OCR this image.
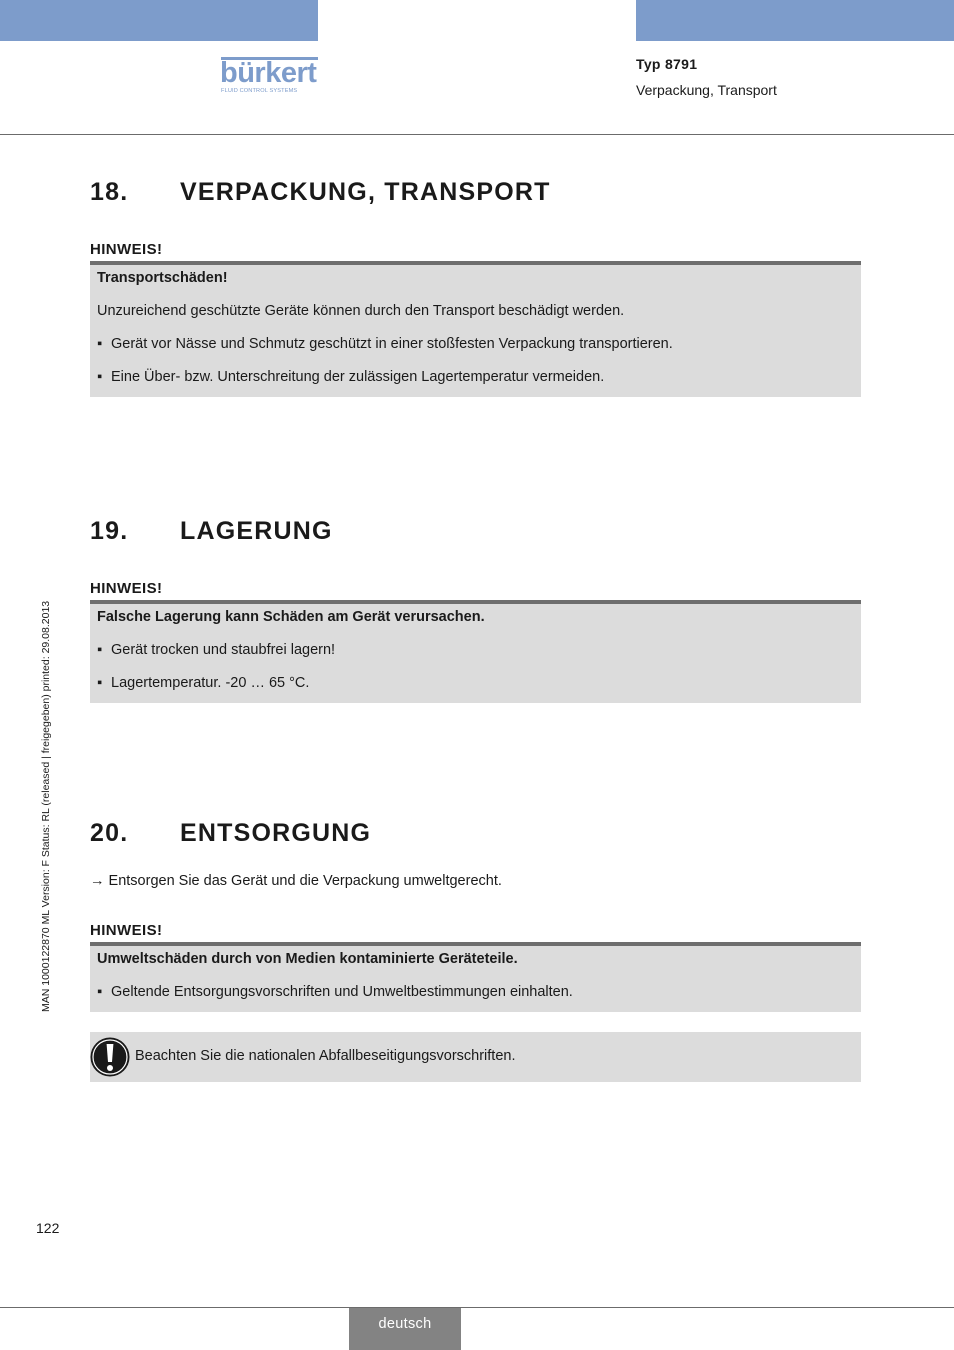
bürkert
FLUID CONTROL SYSTEMS
Typ 8791
Verpackung, Transport
MAN 1000122870 ML Version: F Status: RL (released | freigegeben) printed: 29.08.2013
18. VERPACKUNG, TRANSPORT
HINWEIS!
Transportschäden!
Unzureichend geschützte Geräte können durch den Transport beschädigt werden.
▪ Gerät vor Nässe und Schmutz geschützt in einer stoßfesten Verpackung transportieren.
▪ Eine Über- bzw. Unterschreitung der zulässigen Lagertemperatur vermeiden.
19. LAGERUNG
HINWEIS!
Falsche Lagerung kann Schäden am Gerät verursachen.
▪ Gerät trocken und staubfrei lagern!
▪ Lagertemperatur. -20 … 65 °C.
20. ENTSORGUNG
→ Entsorgen Sie das Gerät und die Verpackung umweltgerecht.
HINWEIS!
Umweltschäden durch von Medien kontaminierte Geräteteile.
▪ Geltende Entsorgungsvorschriften und Umweltbestimmungen einhalten.
Beachten Sie die nationalen Abfallbeseitigungsvorschriften.
122
deutsch
